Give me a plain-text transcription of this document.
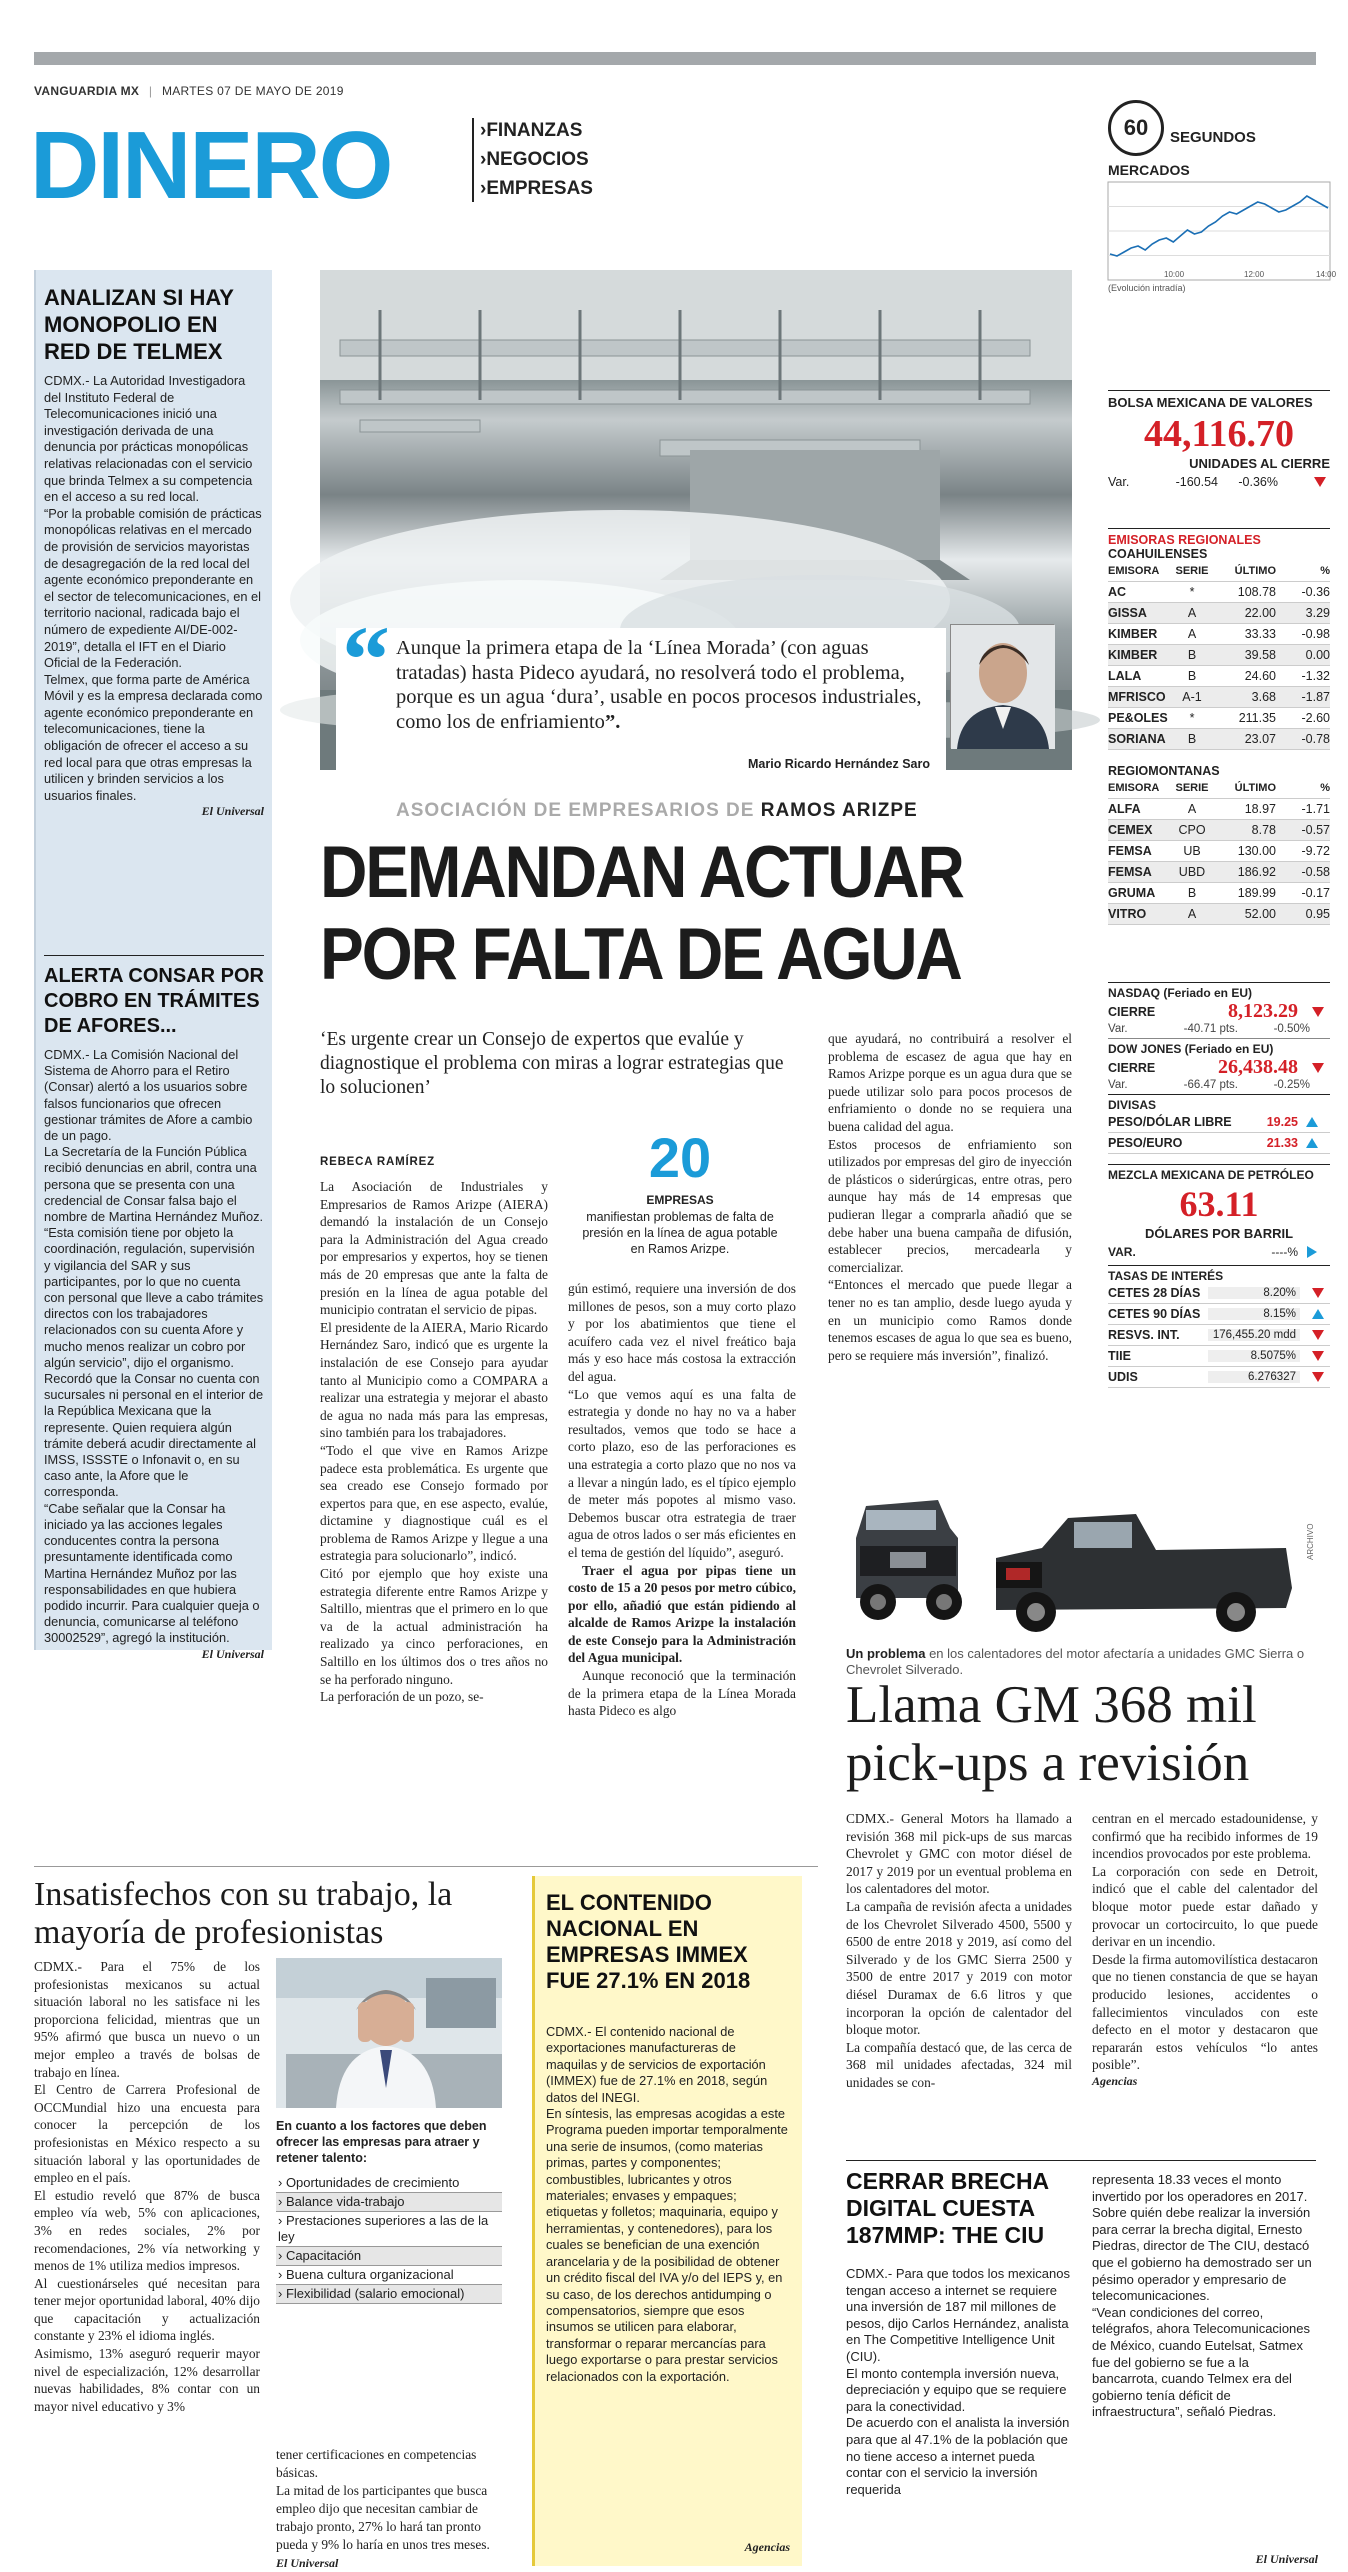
VANGUARDIA MX | MARTES 07 DE MAYO DE 2019
DINERO	›FINANZAS
›NEGOCIOS
›EMPRESAS
ANALIZAN SI HAY MONOPOLIO EN RED DE TELMEX
CDMX.- La Autoridad Investigadora del Instituto Federal de Telecomunicaciones inició una investigación derivada de una denuncia por prácticas monopólicas relativas relacionadas con el servicio que brinda Telmex a su competencia en el acceso a su red local.
“Por la probable comisión de prácticas monopólicas relativas en el mercado de provisión de servicios mayoristas de desagregación de la red local del agente económico preponderante en el sector de telecomunicaciones, en el territorio nacional, radicada bajo el número de expediente AI/DE-002-2019”, detalla el IFT en el Diario Oficial de la Federación.
Telmex, que forma parte de América Móvil y es la empresa declarada como agente económico preponderante en telecomunicaciones, tiene la obligación de ofrecer el acceso a su red local para que otras empresas la utilicen y brinden servicios a los usuarios finales.
El Universal
ALERTA CONSAR POR COBRO EN TRÁMITES DE AFORES...
CDMX.- La Comisión Nacional del Sistema de Ahorro para el Retiro (Consar) alertó a los usuarios sobre falsos funcionarios que ofrecen gestionar trámites de Afore a cambio de un pago.
La Secretaría de la Función Pública recibió denuncias en abril, contra una persona que se presenta con una credencial de Consar falsa bajo el nombre de Martina Hernández Muñoz.
“Esta comisión tiene por objeto la coordinación, regulación, supervisión y vigilancia del SAR y sus participantes, por lo que no cuenta con personal que lleve a cabo trámites directos con los trabajadores relacionados con su cuenta Afore y mucho menos realizar un cobro por algún servicio”, dijo el organismo.
Recordó que la Consar no cuenta con sucursales ni personal en el interior de la República Mexicana que la represente. Quien requiera algún trámite deberá acudir directamente al IMSS, ISSSTE o Infonavit o, en su caso ante, la Afore que le corresponda.
“Cabe señalar que la Consar ha iniciado ya las acciones legales conducentes contra la persona presuntamente identificada como Martina Hernández Muñoz por las responsabilidades en que hubiera podido incurrir. Para cualquier queja o denuncia, comunicarse al teléfono 30002529”, agregó la institución.
El Universal
“ Aunque la primera etapa de la ‘Línea Morada’ (con aguas tratadas) hasta Pideco ayudará, no resolverá todo el problema, porque es un agua ‘dura’, usable en pocos procesos industriales, como los de enfriamiento”.
Mario Ricardo Hernández Saro
ASOCIACIÓN DE EMPRESARIOS DE RAMOS ARIZPE
DEMANDAN ACTUAR
POR FALTA DE AGUA
‘Es urgente crear un Consejo de expertos que evalúe y diagnostique el problema con miras a lograr estrategias que lo solucionen’
REBECA RAMÍREZ	20
EMPRESAS
manifiestan problemas de falta de presión en la línea de agua potable en Ramos Arizpe.

La Asociación de Industriales y Empresarios de Ramos Arizpe (AIERA) demandó la instalación de un Consejo para la Administración del Agua creado por empresarios y expertos, hoy se tienen más de 20 empresas que ante la falta de presión en la línea de agua potable del municipio contratan el servicio de pipas.
El presidente de la AIERA, Mario Ricardo Hernández Saro, indicó que es urgente la instalación de ese Consejo para ayudar tanto al Municipio como a COMPARA a realizar una estrategia y mejorar el abasto de agua no nada más para las empresas, sino también para los trabajadores.
“Todo el que vive en Ramos Arizpe padece esta problemática. Es urgente que sea creado ese Consejo formado por expertos para que, en ese aspecto, evalúe, dictamine y diagnostique cuál es el problema de Ramos Arizpe y llegue a una estrategia para solucionarlo”, indicó.
Citó por ejemplo que hoy existe una estrategia diferente entre Ramos Arizpe y Saltillo, mientras que el primero en lo que va de la actual administración ha realizado ya cinco perforaciones, en Saltillo en los últimos dos o tres años no se ha perforado ninguno.
La perforación de un pozo, se-

gún estimó, requiere una inversión de dos millones de pesos, son a muy corto plazo y por los abatimientos que tiene el acuífero cada vez el nivel freático baja más y eso hace más costosa la extracción del agua.
“Lo que vemos aquí es una falta de estrategia y donde no hay no va a haber resultados, vemos que todo se hace a corto plazo, eso de las perforaciones es una estrategia a corto plazo que no nos va a llevar a ningún lado, es el típico ejemplo de meter más popotes al mismo vaso. Debemos buscar otra estrategia de traer agua de otros lados o ser más eficientes en el tema de gestión del líquido”, aseguró.

Traer el agua por pipas tiene un costo de 15 a 20 pesos por metro cúbico, por ello, añadió que están pidiendo al alcalde de Ramos Arizpe la instalación de este Consejo para la Administración del Agua municipal.

Aunque reconoció que la terminación de la primera etapa de la Línea Morada hasta Pideco es algo

que ayudará, no contribuirá a resolver el problema de escasez de agua que hay en Ramos Arizpe porque es un agua dura que se puede utilizar solo para pocos procesos de enfriamiento o donde no se requiera una buena calidad del agua.
Estos procesos de enfriamiento son utilizados por empresas del giro de inyección de plásticos o siderúrgicas, entre otras, pero aunque hay más de 14 empresas que pudieran llegar a comprarla añadió que se debe haber una buena campaña de difusión, establecer precios, mercadearla y comercializar.
“Entonces el mercado que puede llegar a tener no es tan amplio, desde luego ayuda y en un municipio como Ramos donde tenemos escases de agua lo que sea es bueno, pero se requiere más inversión”, finalizó.

60	SEGUNDOS
MERCADOS
10:00	12:00	14:00
(Evolución intradía)
BOLSA MEXICANA DE VALORES
44,116.70
UNIDADES AL CIERRE
Var.	-160.54	-0.36%
EMISORAS REGIONALES
COAHUILENSES
EMISORA	SERIE	ÚLTIMO	%
AC	*	108.78	-0.36
GISSA	A	22.00	3.29
KIMBER	A	33.33	-0.98
KIMBER	B	39.58	0.00
LALA	B	24.60	-1.32
MFRISCO	A-1	3.68	-1.87
PE&OLES	*	211.35	-2.60
SORIANA	B	23.07	-0.78
REGIOMONTANAS
EMISORA	SERIE	ÚLTIMO	%
ALFA	A	18.97	-1.71
CEMEX	CPO	8.78	-0.57
FEMSA	UB	130.00	-9.72
FEMSA	UBD	186.92	-0.58
GRUMA	B	189.99	-0.17
VITRO	A	52.00	0.95
NASDAQ (Feriado en EU)
CIERRE	8,123.29
Var.	-40.71 pts.	-0.50%
DOW JONES (Feriado en EU)
CIERRE	26,438.48
Var.	-66.47 pts.	-0.25%
DIVISAS
PESO/DÓLAR LIBRE	19.25
PESO/EURO	21.33
MEZCLA MEXICANA DE PETRÓLEO
63.11
DÓLARES POR BARRIL
VAR.	----%
TASAS DE INTERÉS
CETES 28 DÍAS	8.20%
CETES 90 DÍAS	8.15%
RESVS. INT.	176,455.20 mdd
TIIE	8.5075%
UDIS	6.276327
ARCHIVO
Un problema en los calentadores del motor afectaría a unidades GMC Sierra o Chevrolet Silverado.
Llama GM 368 mil pick-ups a revisión

CDMX.- General Motors ha llamado a revisión 368 mil pick-ups de sus marcas Chevrolet y GMC con motor diésel de 2017 y 2019 por un eventual problema en los calentadores del motor.
La campaña de revisión afecta a unidades de los Chevrolet Silverado 4500, 5500 y 6500 de entre 2018 y 2019, así como del Silverado y de los GMC Sierra 2500 y 3500 de entre 2017 y 2019 con motor diésel Duramax de 6.6 litros y que incorporan la opción de calentador del bloque motor.
La compañía destacó que, de las cerca de 368 mil unidades afectadas, 324 mil unidades se con-

centran en el mercado estadounidense, y confirmó que ha recibido informes de 19 incendios provocados por este problema.
La corporación con sede en Detroit, indicó que el cable del calentador del bloque motor puede estar dañado y provocar un cortocircuito, lo que puede derivar en un incendio.
Desde la firma automovilística destacaron que no tienen constancia de que se hayan producido lesiones, accidentes o fallecimientos vinculados con este defecto en el motor y destacaron que repararán estos vehículos “lo antes posible”.

Agencias
Insatisfechos con su trabajo, la mayoría de profesionistas

CDMX.- Para el 75% de los profesionistas mexicanos su actual situación laboral no les satisface ni les proporciona felicidad, mientras que un 95% afirmó que busca un nuevo o un mejor empleo a través de bolsas de trabajo en línea.
El Centro de Carrera Profesional de OCCMundial hizo una encuesta para conocer la percepción de los profesionistas en México respecto a su situación laboral y las oportunidades de empleo en el país.
El estudio reveló que 87% de busca empleo vía web, 5% con aplicaciones, 3% en redes sociales, 2% por recomendaciones, 2% vía networking y menos de 1% utiliza medios impresos.
Al cuestionárseles qué necesitan para tener mejor oportunidad laboral, 40% dijo que capacitación y actualización constante y 23% el idioma inglés.
Asimismo, 13% aseguró requerir mayor nivel de especialización, 12% desarrollar nuevas habilidades, 8% contar con un mayor nivel educativo y 3%

En cuanto a los factores que deben ofrecer las empresas para atraer y retener talento:
› Oportunidades de crecimiento
› Balance vida-trabajo
› Prestaciones superiores a las de la ley
› Capacitación
› Buena cultura organizacional
› Flexibilidad (salario emocional)

tener certificaciones en competencias básicas.
La mitad de los participantes que busca empleo dijo que necesitan cambiar de trabajo pronto, 27% lo hará tan pronto pueda y 9% lo haría en unos tres meses.

El Universal
EL CONTENIDO NACIONAL EN EMPRESAS IMMEX FUE 27.1% EN 2018

CDMX.- El contenido nacional de exportaciones manufactureras de maquilas y de servicios de exportación (IMMEX) fue de 27.1% en 2018, según datos del INEGI.
En síntesis, las empresas acogidas a este Programa pueden importar temporalmente una serie de insumos, (como materias primas, partes y componentes; combustibles, lubricantes y otros materiales; envases y empaques; etiquetas y folletos; maquinaria, equipo y herramientas, y contenedores), para los cuales se benefician de una exención arancelaria y de la posibilidad de obtener un crédito fiscal del IVA y/o del IEPS y, en su caso, de los derechos antidumping o compensatorios, siempre que esos insumos se utilicen para elaborar, transformar o reparar mercancías para luego exportarse o para prestar servicios relacionados con la exportación.

Agencias
CERRAR BRECHA DIGITAL CUESTA 187MMP: THE CIU

CDMX.- Para que todos los mexicanos tengan acceso a internet se requiere una inversión de 187 mil millones de pesos, dijo Carlos Hernández, analista en The Competitive Intelligence Unit (CIU).
El monto contempla inversión nueva, depreciación y equipo que se requiere para la conectividad.
De acuerdo con el analista la inversión para que al 47.1% de la población que no tiene acceso a internet pueda contar con el servicio la inversión requerida

representa 18.33 veces el monto invertido por los operadores en 2017.
Sobre quién debe realizar la inversión para cerrar la brecha digital, Ernesto Piedras, director de The CIU, destacó que el gobierno ha demostrado ser un pésimo operador y empresario de telecomunicaciones.
“Vean condiciones del correo, telégrafos, ahora Telecomunicaciones de México, cuando Eutelsat, Satmex fue del gobierno se fue a la bancarrota, cuando Telmex era del gobierno tenía déficit de infraestructura”, señaló Piedras.

El Universal
